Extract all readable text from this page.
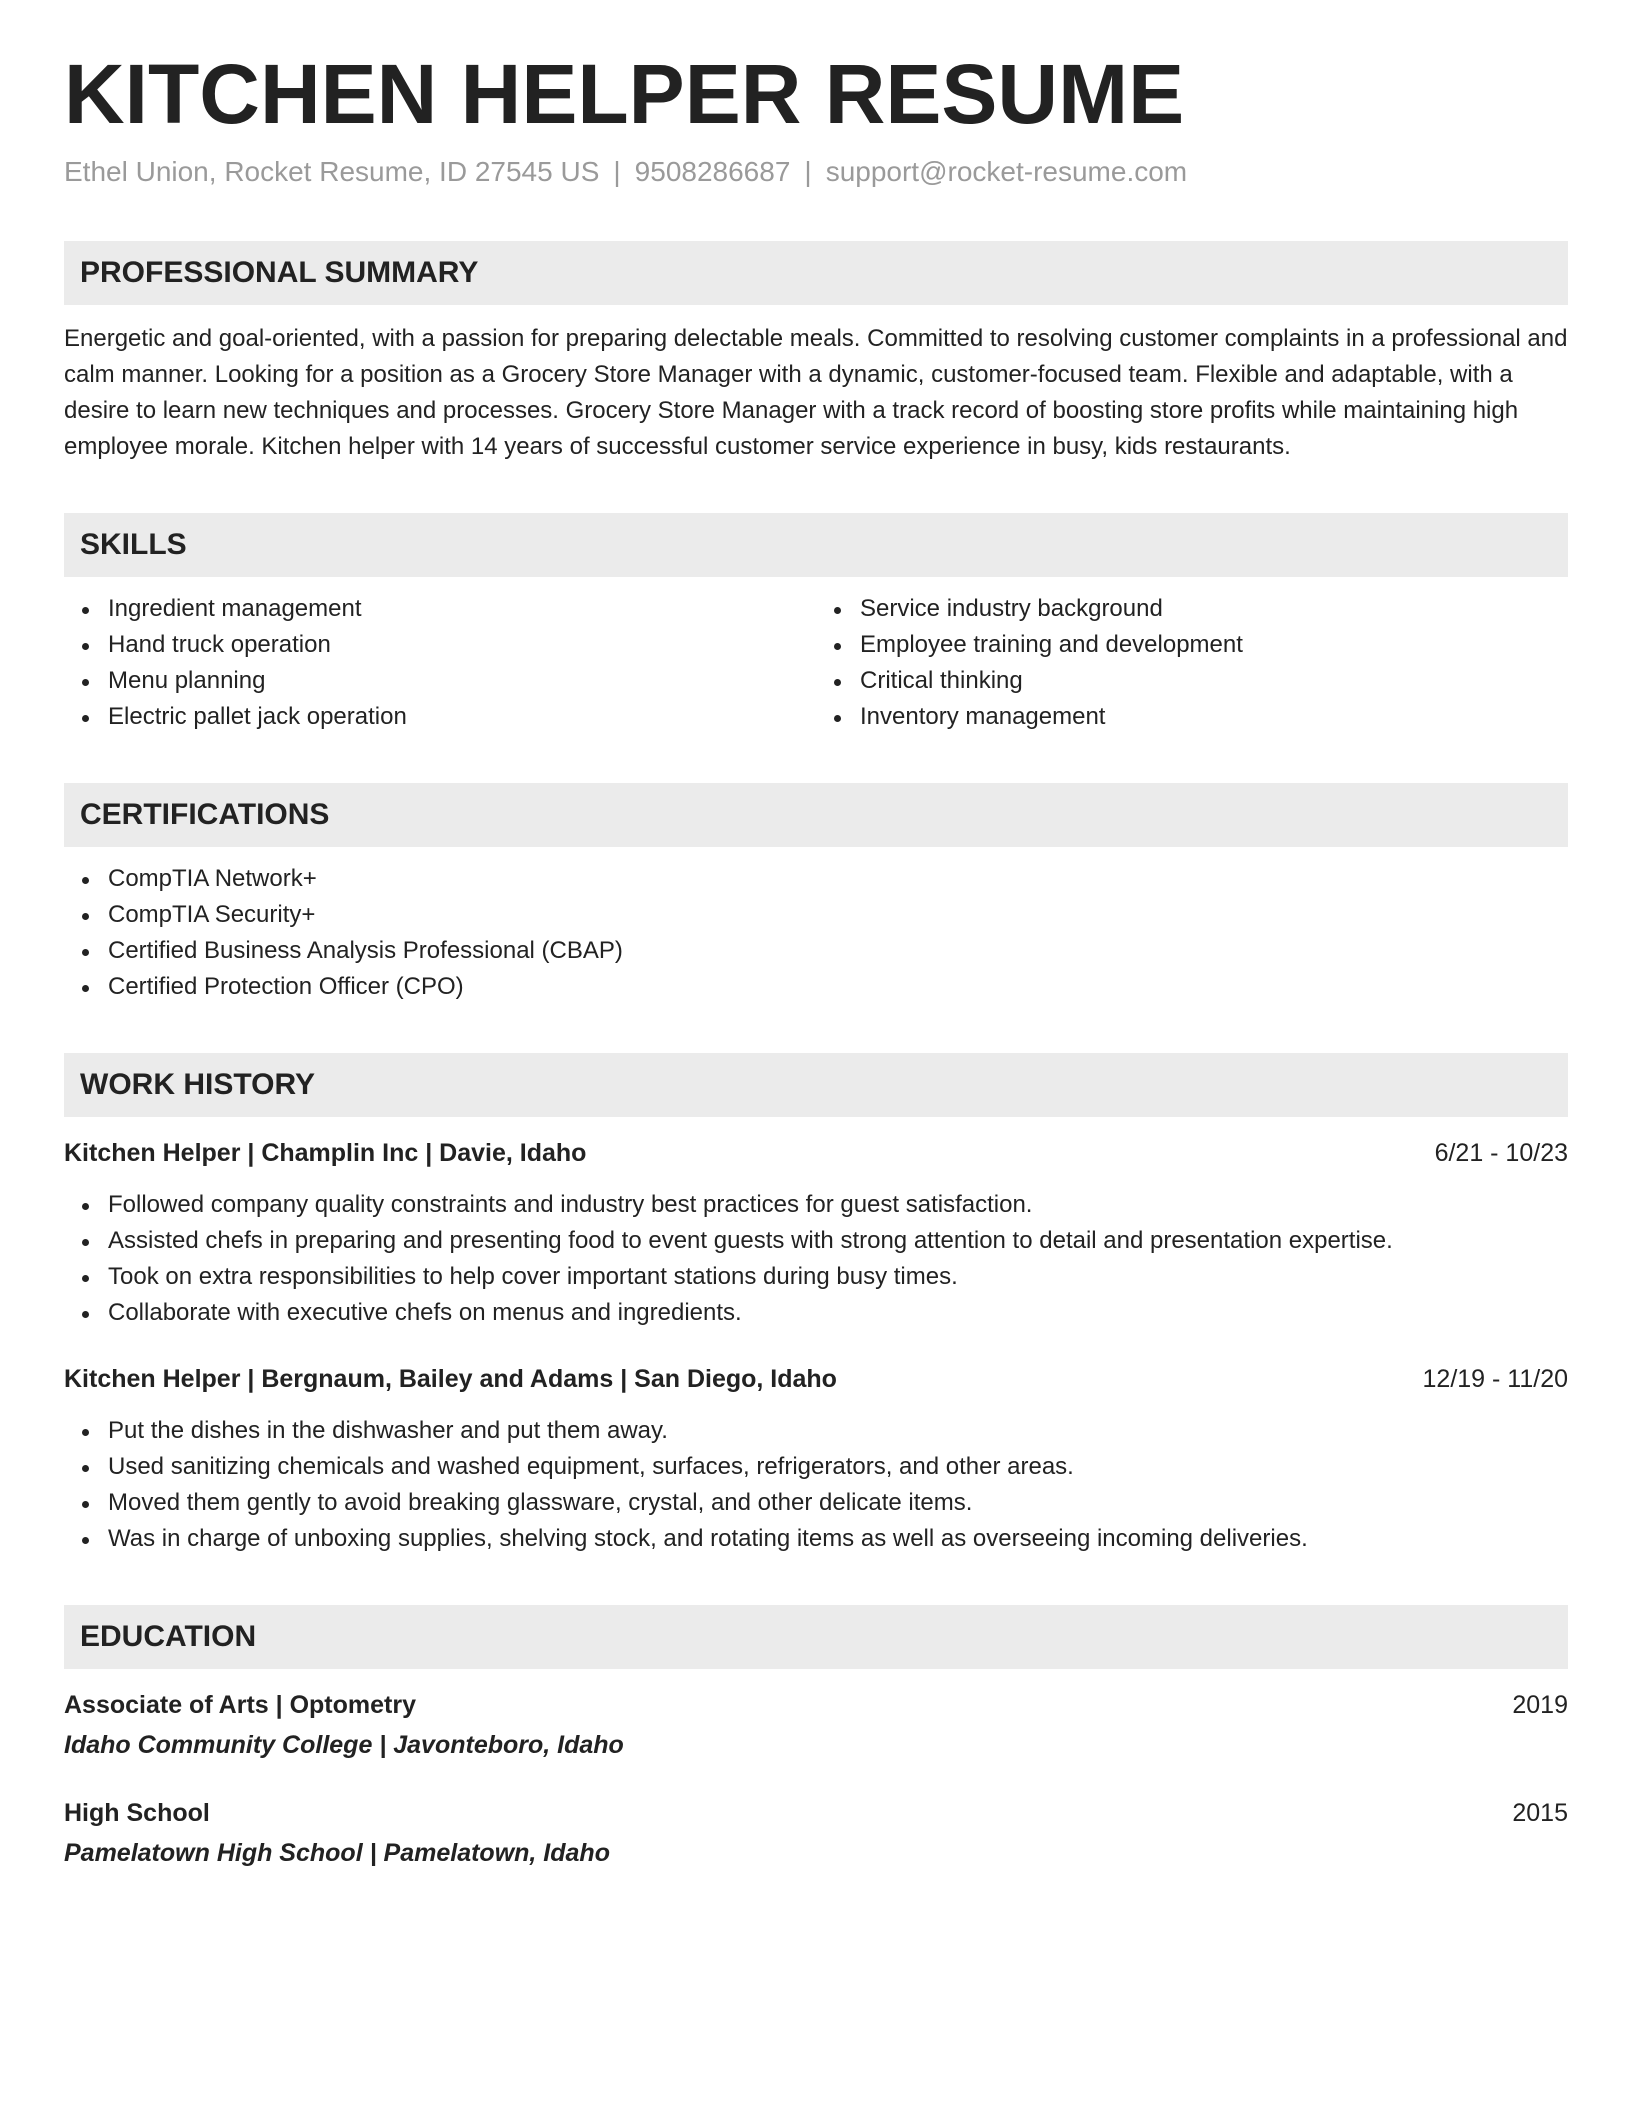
KITCHEN HELPER RESUME
Ethel Union, Rocket Resume, ID 27545 US | 9508286687 | support@rocket-resume.com
PROFESSIONAL SUMMARY
Energetic and goal-oriented, with a passion for preparing delectable meals. Committed to resolving customer complaints in a professional and calm manner. Looking for a position as a Grocery Store Manager with a dynamic, customer-focused team. Flexible and adaptable, with a desire to learn new techniques and processes. Grocery Store Manager with a track record of boosting store profits while maintaining high employee morale. Kitchen helper with 14 years of successful customer service experience in busy, kids restaurants.
SKILLS
Ingredient management
Hand truck operation
Menu planning
Electric pallet jack operation
Service industry background
Employee training and development
Critical thinking
Inventory management
CERTIFICATIONS
CompTIA Network+
CompTIA Security+
Certified Business Analysis Professional (CBAP)
Certified Protection Officer (CPO)
WORK HISTORY
Kitchen Helper | Champlin Inc | Davie, Idaho	6/21 - 10/23
Followed company quality constraints and industry best practices for guest satisfaction.
Assisted chefs in preparing and presenting food to event guests with strong attention to detail and presentation expertise.
Took on extra responsibilities to help cover important stations during busy times.
Collaborate with executive chefs on menus and ingredients.
Kitchen Helper | Bergnaum, Bailey and Adams | San Diego, Idaho	12/19 - 11/20
Put the dishes in the dishwasher and put them away.
Used sanitizing chemicals and washed equipment, surfaces, refrigerators, and other areas.
Moved them gently to avoid breaking glassware, crystal, and other delicate items.
Was in charge of unboxing supplies, shelving stock, and rotating items as well as overseeing incoming deliveries.
EDUCATION
Associate of Arts | Optometry	2019
Idaho Community College | Javonteboro, Idaho
High School	2015
Pamelatown High School | Pamelatown, Idaho
